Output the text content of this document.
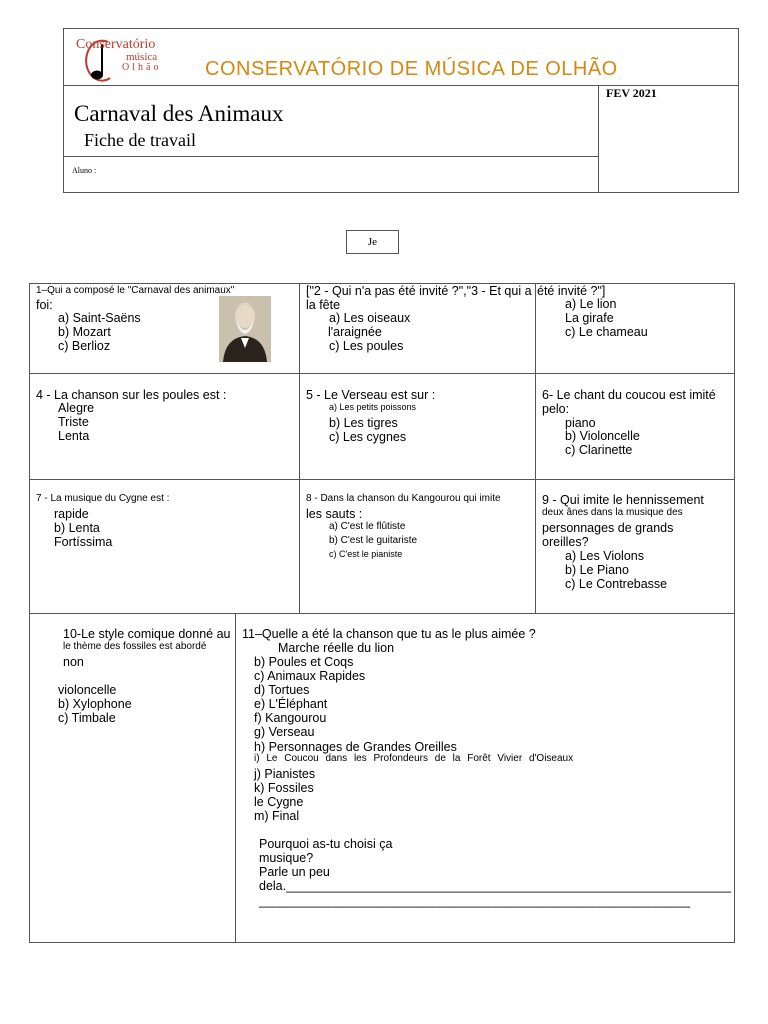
Conservatório
música
Olhão CONSERVATÓRIO DE MÚSICA DE OLHÃO
FEV 2021
Carnaval des Animaux
Fiche de travail
Aluno :
Je
1–Qui a composé le "Carnaval des animaux"
foi:
a) Saint-Saëns
b) Mozart
c) Berlioz
["2 - Qui n'a pas été invité ?","3 - Et qui a
la fête
a) Les oiseaux
l'araignée
c) Les poules
été invité ?"]
a) Le lion
La girafe
c) Le chameau
4 - La chanson sur les poules est :
Alegre
Triste
Lenta
5 - Le Verseau est sur :
a) Les petits poissons
b) Les tigres
c) Les cygnes
6- Le chant du coucou est imité
pelo:
piano
b) Violoncelle
c) Clarinette
7 - La musique du Cygne est :
rapide
b) Lenta
Fortíssima
8 - Dans la chanson du Kangourou qui imite
les sauts :
a) C'est le flûtiste
b) C'est le guitariste
c) C'est le pianiste
9 - Qui imite le hennissement
deux ânes dans la musique des
personnages de grands
oreilles?
a) Les Violons
b) Le Piano
c) Le Contrebasse
10-Le style comique donné au
le thème des fossiles est abordé
non
violoncelle
b) Xylophone
c) Timbale
11–Quelle a été la chanson que tu as le plus aimée ?
Marche réelle du lion
b) Poules et Coqs
c) Animaux Rapides
d) Tortues
e) L'Éléphant
f) Kangourou
g) Verseau
h) Personnages de Grandes Oreilles
i) Le Coucou dans les Profondeurs de la Forêt Vivier d'Oiseaux
j) Pianistes
k) Fossiles
le Cygne
m) Final
Pourquoi as-tu choisi ça
musique?
Parle un peu
dela.________________________________________________________________
______________________________________________________________
